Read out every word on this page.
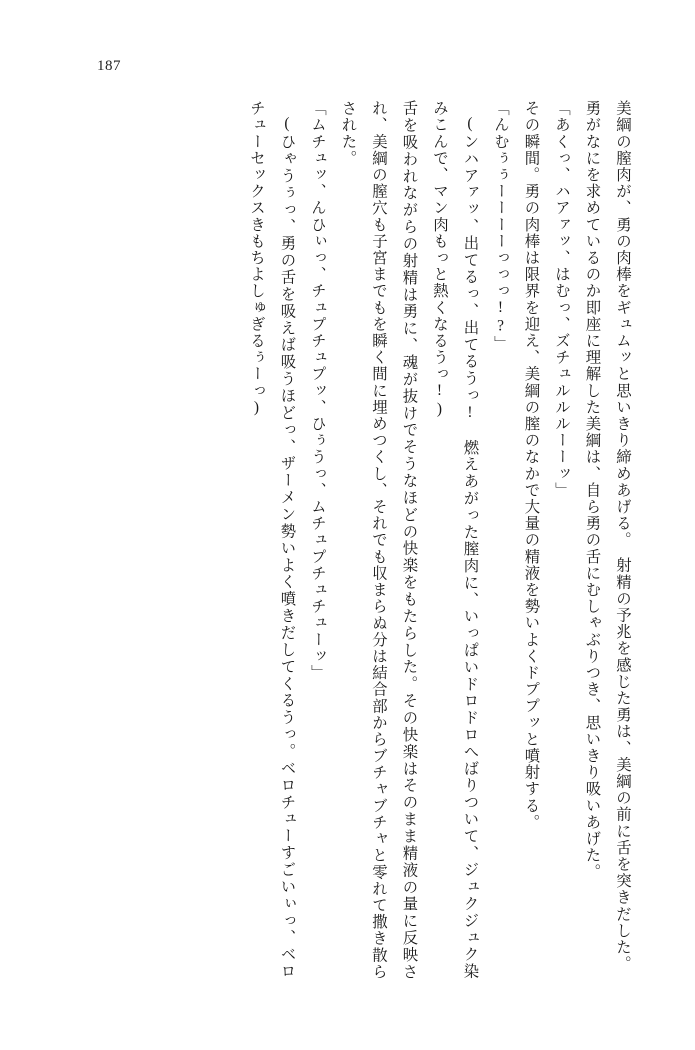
187

美綱の膣肉が、勇の肉棒をギュムッと思いきり締めあげる。　射精の予兆を感じた勇は、美綱の前に舌を突きだした。

勇がなにを求めているのか即座に理解した美綱は、自ら勇の舌にむしゃぶりつき、思いきり吸いあげた。

「あくっ、ハアァッ、はむっ、ズチュルルルーーッ」

その瞬間。勇の肉棒は限界を迎え、美綱の膣のなかで大量の精液を勢いよくドププッと噴射する。

「んむぅぅーーーーっっっ!?」

(ンハアァッ、出てるっ、出てるうっ!　燃えあがった膣肉に、いっぱいドロドロへばりついて、ジュクジュク染みこんで、マン肉もっと熱くなるうっ!)

舌を吸われながらの射精は勇に、魂が抜けでそうなほどの快楽をもたらした。その快楽はそのまま精液の量に反映され、美綱の膣穴も子宮までもを瞬く間に埋めつくし、それでも収まらぬ分は結合部からブチャブチャと零れて撒き散らされた。

「ムチュッ、んひぃっ、チュプチュプッ、ひぅうっ、ムチュプチュチューッ」

(ひゃうぅっ、勇の舌を吸えば吸うほどっ、ザーメン勢いよく噴きだしてくるうっ。ベロチューすごいぃっ、ベロチューセックスきもちよしゅぎるぅーっ)
